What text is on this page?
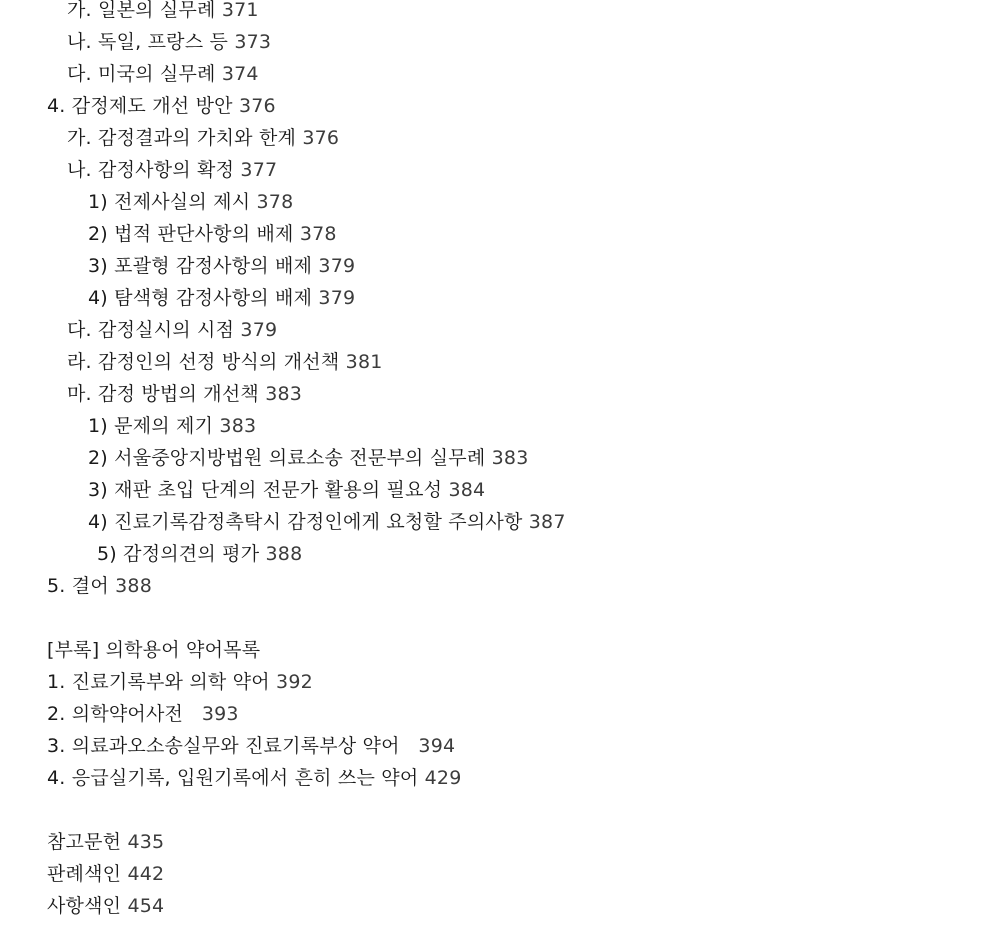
가. 일본의 실무례 371
나. 독일, 프랑스 등 373
다. 미국의 실무례 374
4. 감정제도 개선 방안 376
가. 감정결과의 가치와 한계 376
나. 감정사항의 확정 377
1) 전제사실의 제시 378
2) 법적 판단사항의 배제 378
3) 포괄형 감정사항의 배제 379
4) 탐색형 감정사항의 배제 379
다. 감정실시의 시점 379
라. 감정인의 선정 방식의 개선책 381
마. 감정 방법의 개선책 383
1) 문제의 제기 383
2) 서울중앙지방법원 의료소송 전문부의 실무례 383
3) 재판 초입 단계의 전문가 활용의 필요성 384
4) 진료기록감정촉탁시 감정인에게 요청할 주의사항 387
5) 감정의견의 평가 388
5. 결어 388
[부록] 의학용어 약어목록
1. 진료기록부와 의학 약어 392
2. 의학약어사전   393
3. 의료과오소송실무와 진료기록부상 약어   394
4. 응급실기록, 입원기록에서 흔히 쓰는 약어 429
참고문헌 435
판례색인 442
사항색인 454
